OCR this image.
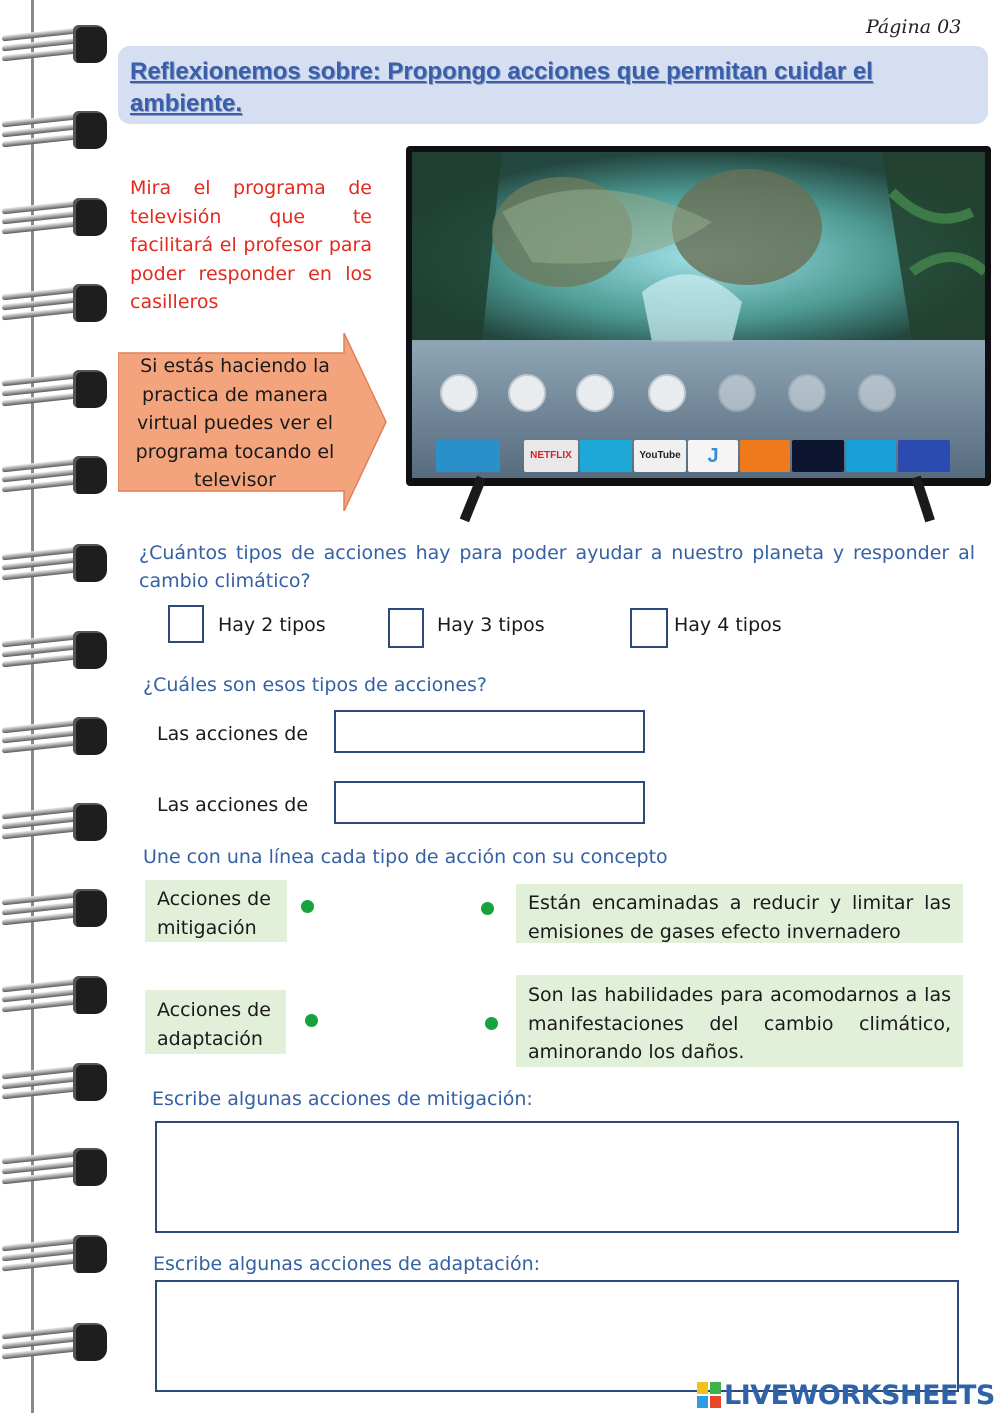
Página 03
Reflexionemos sobre: Propongo acciones que permitan cuidar el ambiente.
Mira el programa de televisión que te facilitará el profesor para poder responder en los casilleros
Si estás haciendo la practica de manera virtual puedes ver el programa tocando el televisor
NETFLIX	YouTube	J
¿Cuántos tipos de acciones hay para poder ayudar a nuestro planeta y responder al cambio climático?
Hay 2 tipos	Hay 3 tipos	Hay 4 tipos
¿Cuáles son esos tipos de acciones?
Las acciones de
Las acciones de
Une con una línea cada tipo de acción con su concepto
Acciones de mitigación
Están encaminadas a reducir y limitar las emisiones de gases efecto invernadero
Acciones de adaptación
Son las habilidades para acomodarnos a las manifestaciones del cambio climático, aminorando los daños.
Escribe algunas acciones de mitigación:
Escribe algunas acciones de adaptación:
LIVEWORKSHEETS
